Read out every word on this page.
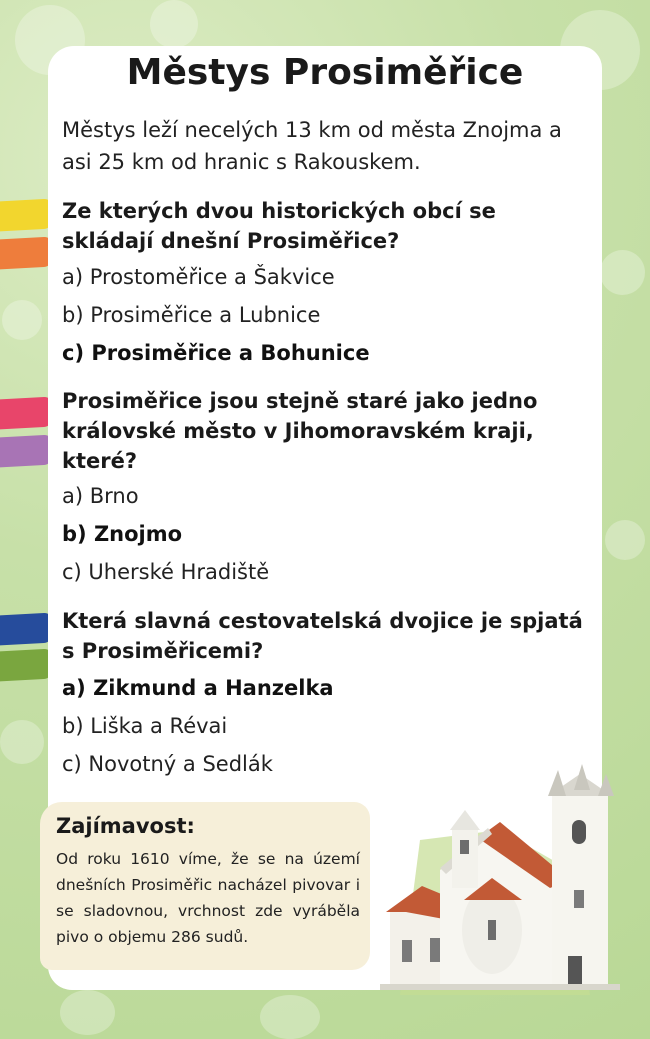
Městys Prosiměřice

Městys leží necelých 13 km od města Znojma a asi 25 km od hranic s Rakouskem.

Ze kterých dvou historických obcí se skládají dnešní Prosiměřice?
a) Prostoměřice a Šakvice
b) Prosiměřice a Lubnice
c) Prosiměřice a Bohunice
Prosiměřice jsou stejně staré jako jedno královské město v Jihomoravském kraji, které?
a) Brno
b) Znojmo
c) Uherské Hradiště
Která slavná cestovatelská dvojice je spjatá s Prosiměřicemi?
a) Zikmund a Hanzelka
b) Liška a Révai
c) Novotný a Sedlák
Zajímavost:
Od roku 1610 víme, že se na území dnešních Prosiměřic nacházel pivovar i se sladovnou, vrchnost zde vyráběla pivo o objemu 286 sudů.
